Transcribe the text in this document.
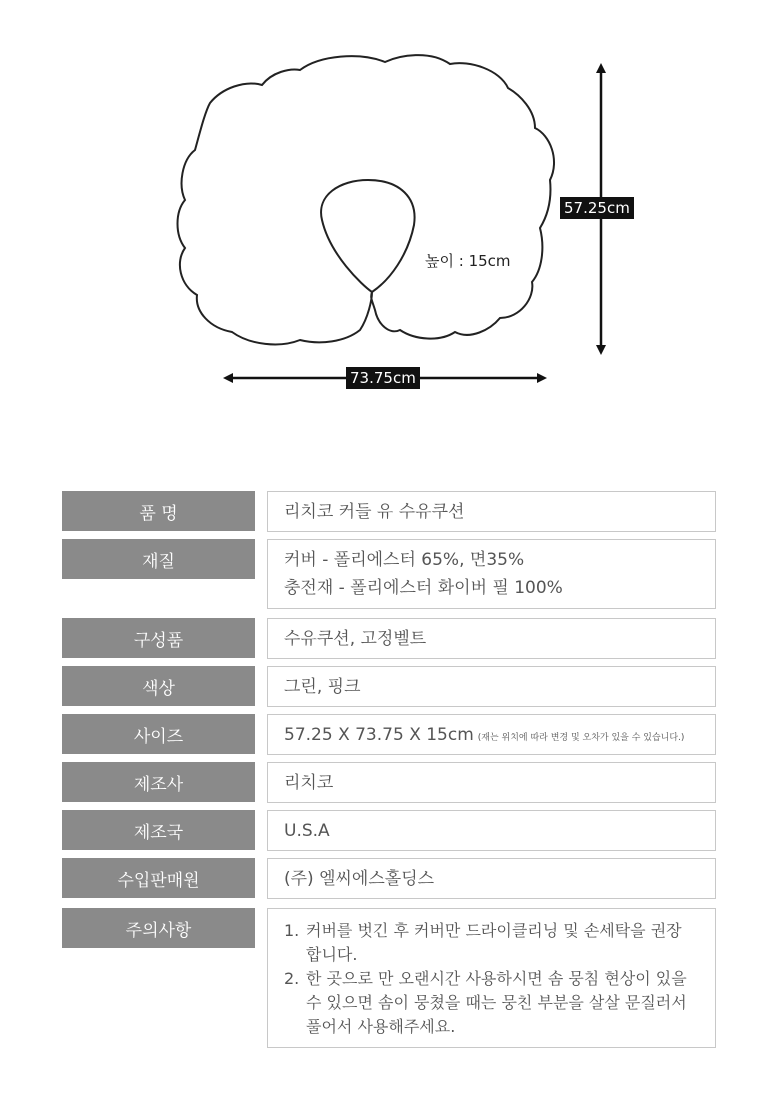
73.75cm
57.25cm
높이 : 15cm
품 명	리치코 커들 유 수유쿠션
재질	커버 - 폴리에스터 65%, 면35%
충전재 - 폴리에스터 화이버 필 100%
구성품	수유쿠션, 고정벨트
색상	그린, 핑크
사이즈	57.25 X 73.75 X 15cm (재는 위치에 따라 변경 및 오차가 있을 수 있습니다.)
제조사	리치코
제조국	U.S.A
수입판매원	(주) 엘씨에스홀딩스
주의사항	1. 커버를 벗긴 후 커버만 드라이클리닝 및 손세탁을 권장 합니다.
2. 한 곳으로 만 오랜시간 사용하시면 솜 뭉침 현상이 있을 수 있으면 솜이 뭉쳤을 때는 뭉친 부분을 살살 문질러서 풀어서 사용해주세요.
